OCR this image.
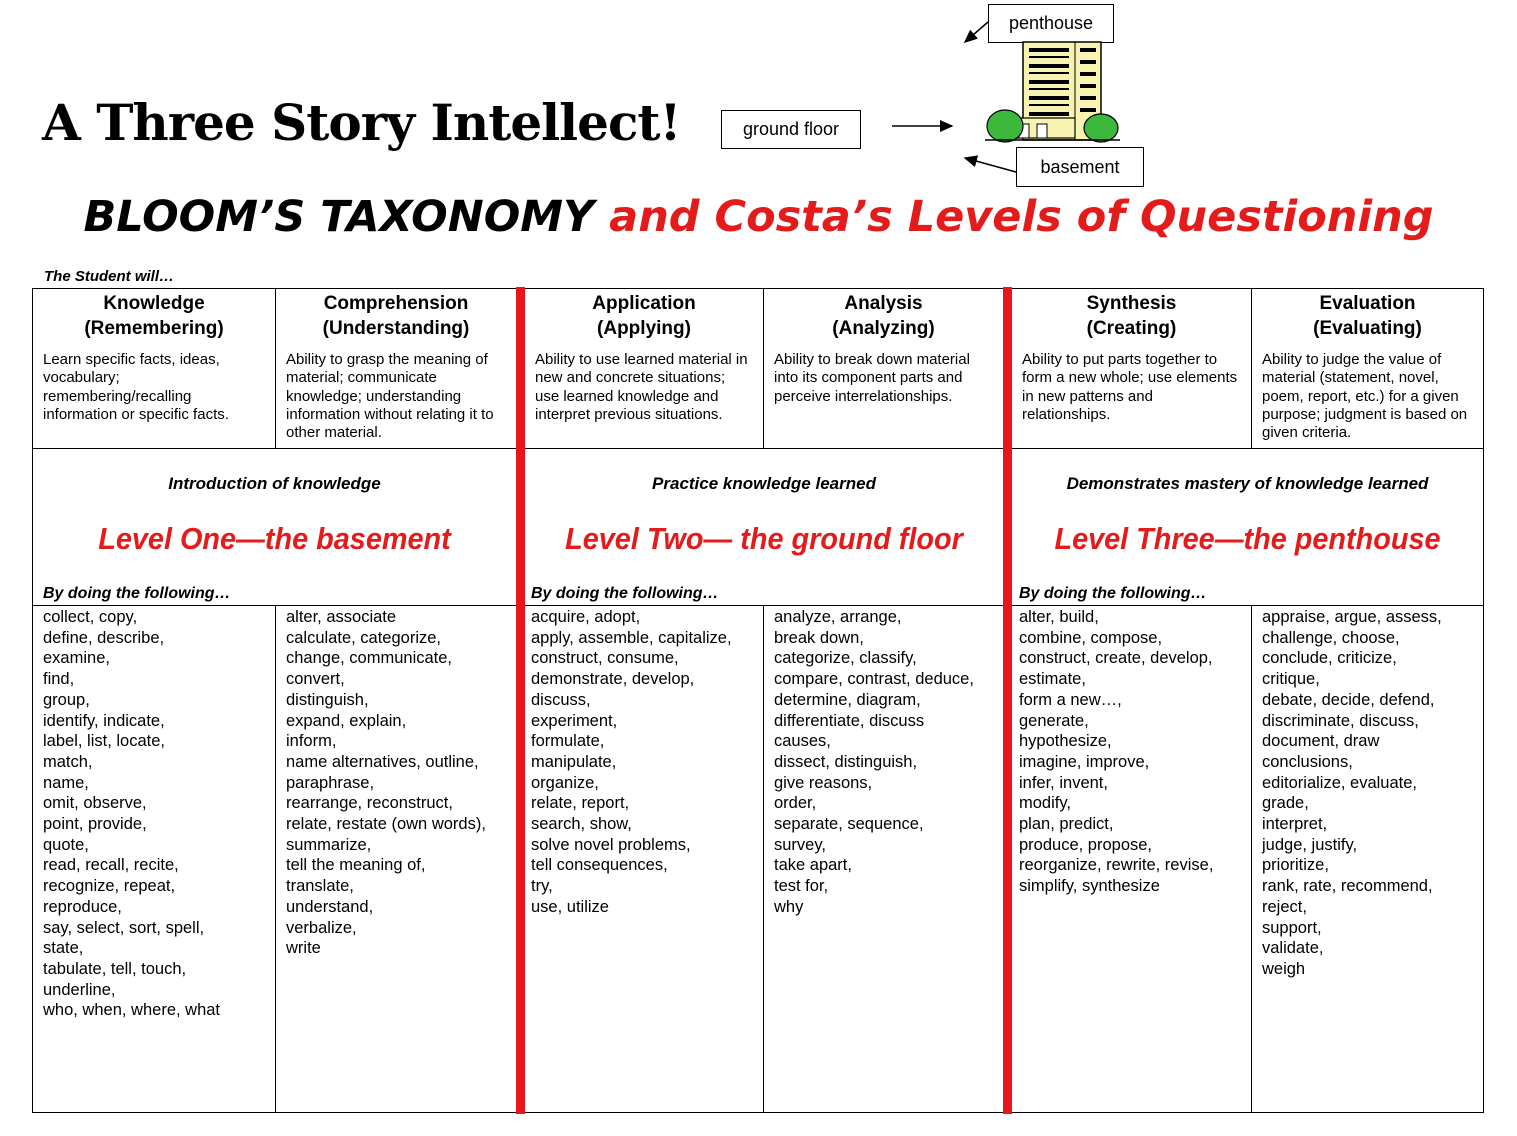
A Three Story Intellect!	ground floor
penthouse
basement
BLOOM’S TAXONOMY and Costa’s Levels of Questioning
The Student will…
Knowledge
(Remembering)
Learn specific facts, ideas, vocabulary; remembering/recalling information or specific facts.
Comprehension
(Understanding)
Ability to grasp the meaning of material; communicate knowledge; understanding information without relating it to other material.
Application
(Applying)
Ability to use learned material in new and concrete situations; use learned knowledge and interpret previous situations.
Analysis
(Analyzing)
Ability to break down material into its component parts and perceive interrelationships.
Synthesis
(Creating)
Ability to put parts together to form a new whole; use elements in new patterns and relationships.
Evaluation
(Evaluating)
Ability to judge the value of material (statement, novel, poem, report, etc.) for a given purpose; judgment is based on given criteria.
Introduction of knowledge
Level One—the basement
By doing the following…
Practice knowledge learned
Level Two— the ground floor
By doing the following…
Demonstrates mastery of knowledge learned
Level Three—the penthouse
By doing the following…
collect, copy,
define, describe,
examine,
find,
group,
identify, indicate,
label, list, locate,
match,
name,
omit, observe,
point, provide,
quote,
read, recall, recite,
recognize, repeat,
reproduce,
say, select, sort, spell,
state,
tabulate, tell, touch,
underline,
who, when, where, what
alter, associate
calculate, categorize,
change, communicate,
convert,
distinguish,
expand, explain,
inform,
name alternatives, outline,
paraphrase,
rearrange, reconstruct,
relate, restate (own words),
summarize,
tell the meaning of,
translate,
understand,
verbalize,
write
acquire, adopt,
apply, assemble, capitalize,
construct, consume,
demonstrate, develop,
discuss,
experiment,
formulate,
manipulate,
organize,
relate, report,
search, show,
solve novel problems,
tell consequences,
try,
use, utilize
analyze, arrange,
break down,
categorize, classify,
compare, contrast, deduce,
determine, diagram,
differentiate, discuss
causes,
dissect, distinguish,
give reasons,
order,
separate, sequence,
survey,
take apart,
test for,
why
alter, build,
combine, compose,
construct, create, develop,
estimate,
form a new…,
generate,
hypothesize,
imagine, improve,
infer, invent,
modify,
plan, predict,
produce, propose,
reorganize, rewrite, revise,
simplify, synthesize
appraise, argue, assess,
challenge, choose,
conclude, criticize,
critique,
debate, decide, defend,
discriminate, discuss,
document, draw
conclusions,
editorialize, evaluate,
grade,
interpret,
judge, justify,
prioritize,
rank, rate, recommend,
reject,
support,
validate,
weigh
